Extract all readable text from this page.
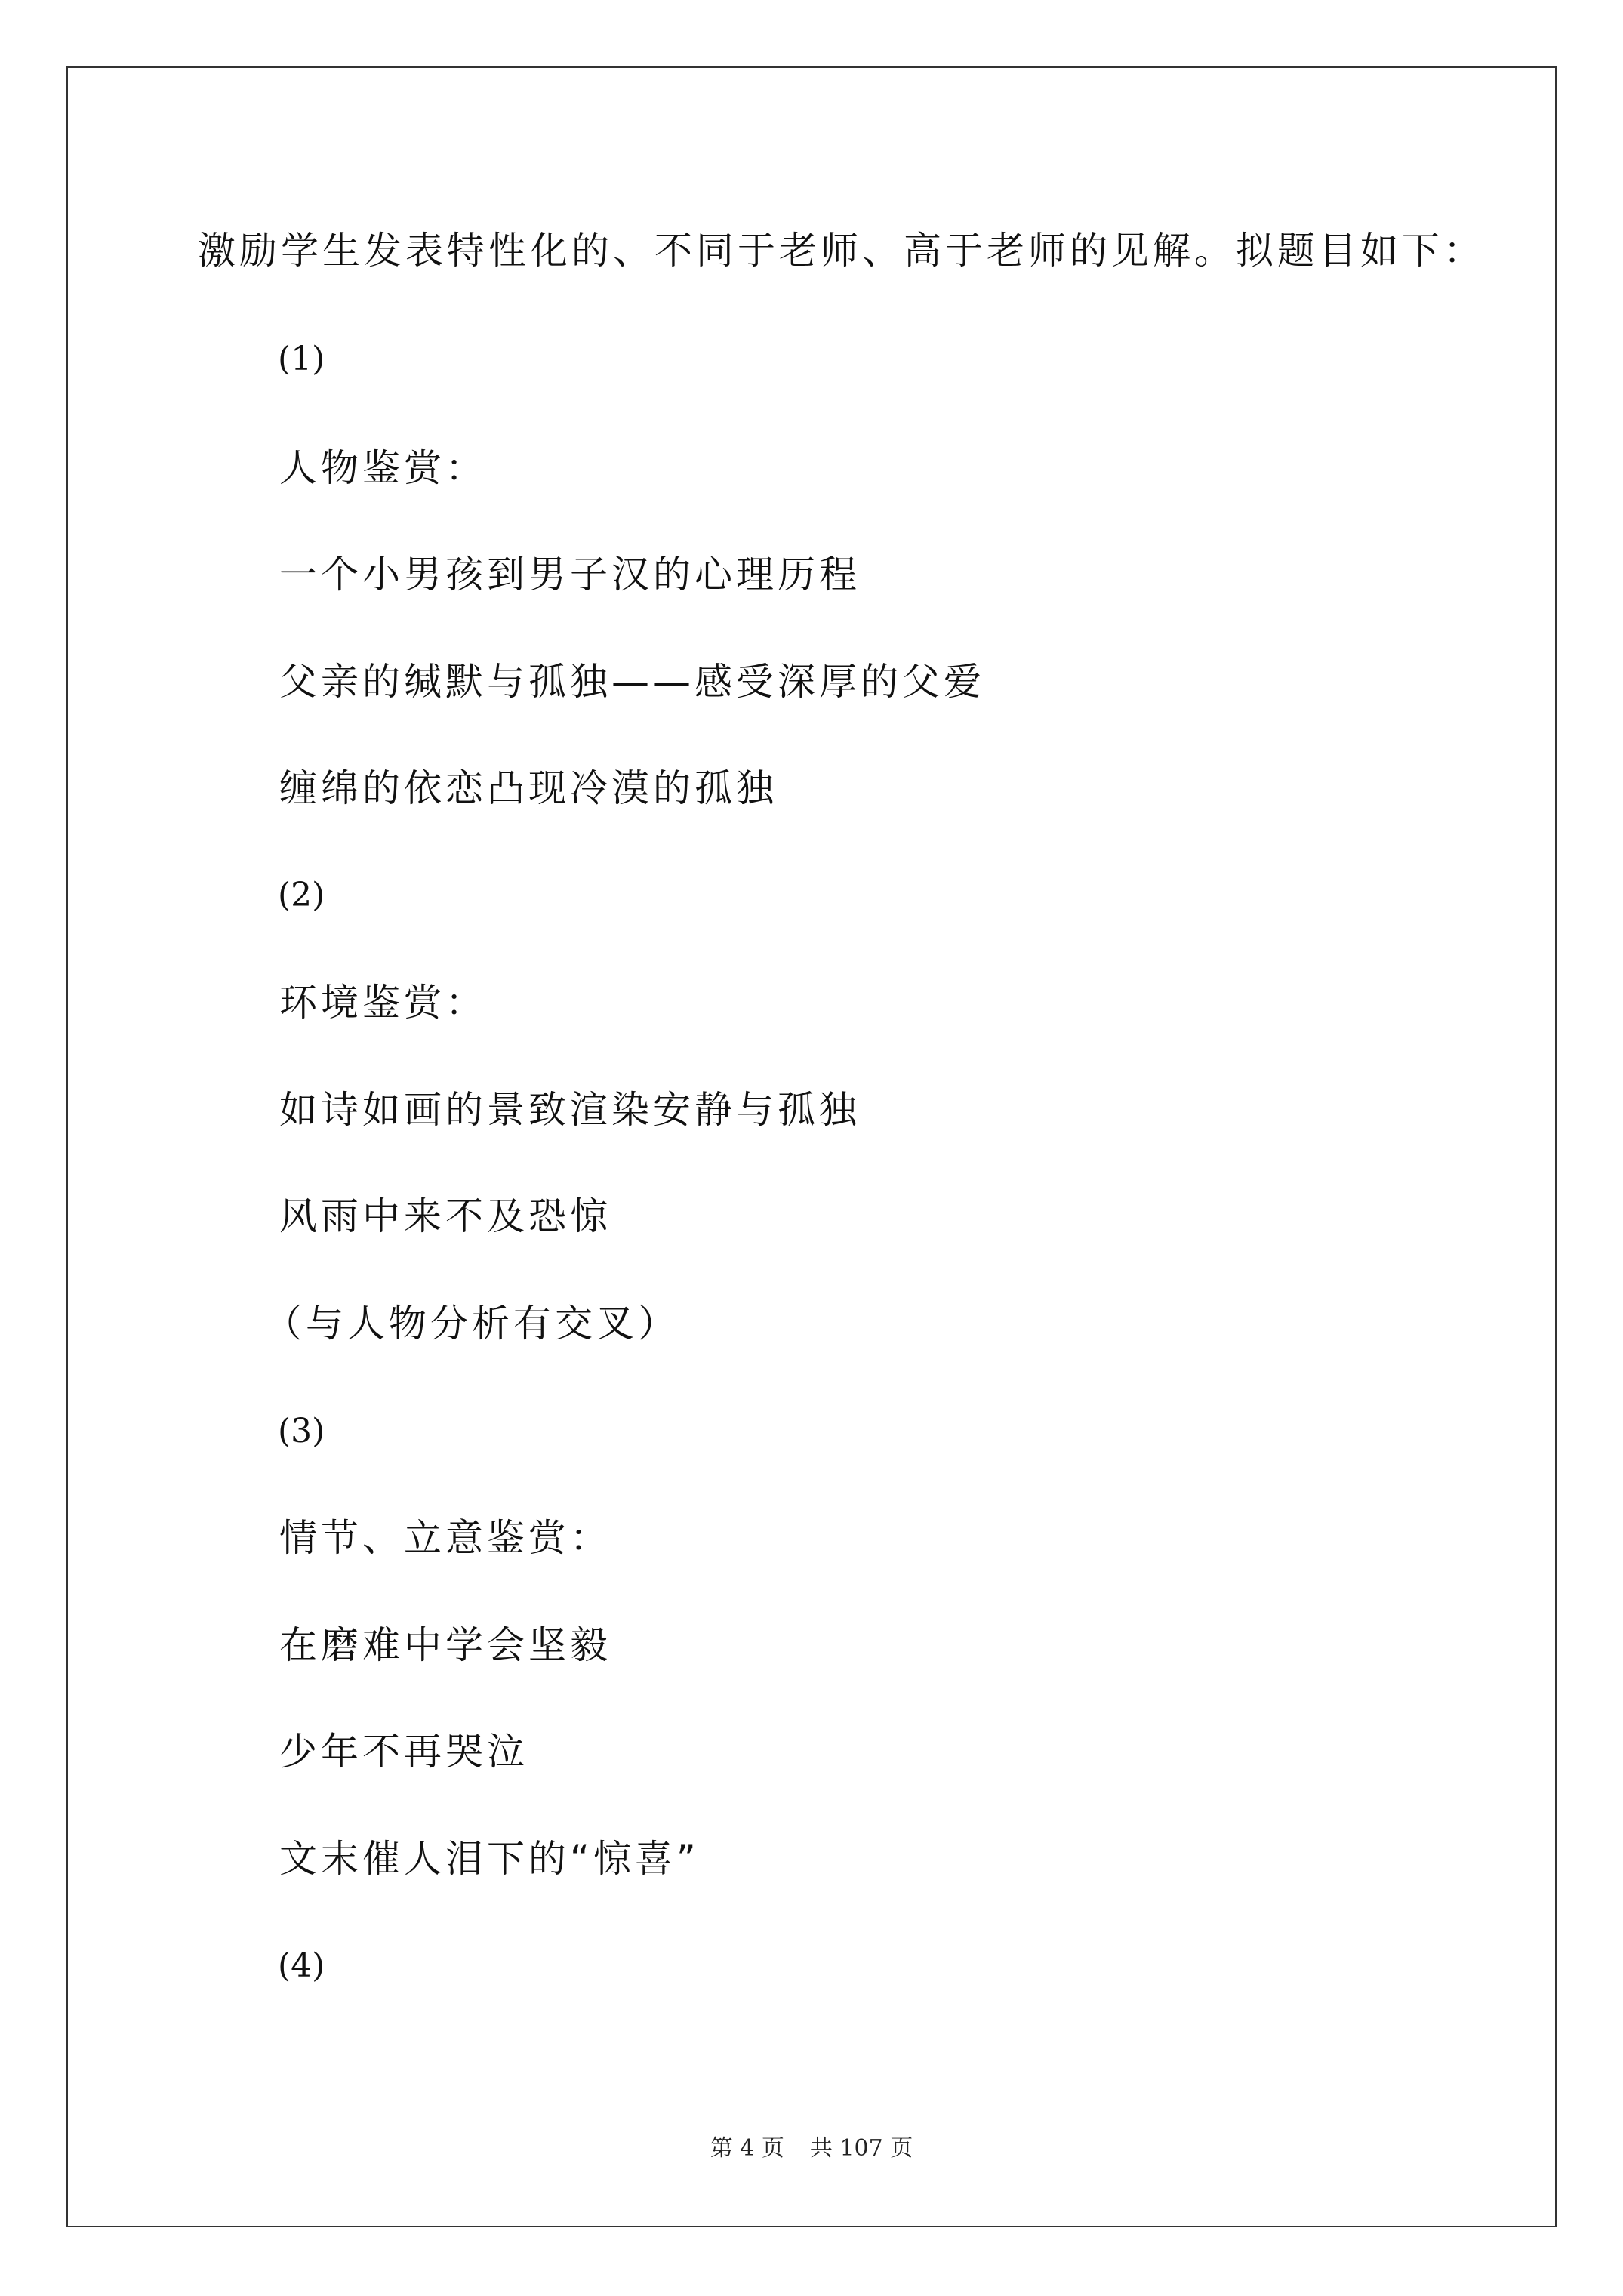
激励学生发表特性化的、不同于老师、高于老师的见解。拟题目如下：
(1)
人物鉴赏：
一个小男孩到男子汉的心理历程
父亲的缄默与孤独——感受深厚的父爱
缠绵的依恋凸现冷漠的孤独
(2)
环境鉴赏：
如诗如画的景致渲染安静与孤独
风雨中来不及恐惊
（与人物分析有交叉）
(3)
情节、立意鉴赏：
在磨难中学会坚毅
少年不再哭泣
文末催人泪下的“惊喜”
(4)
第 4 页 共 107 页
